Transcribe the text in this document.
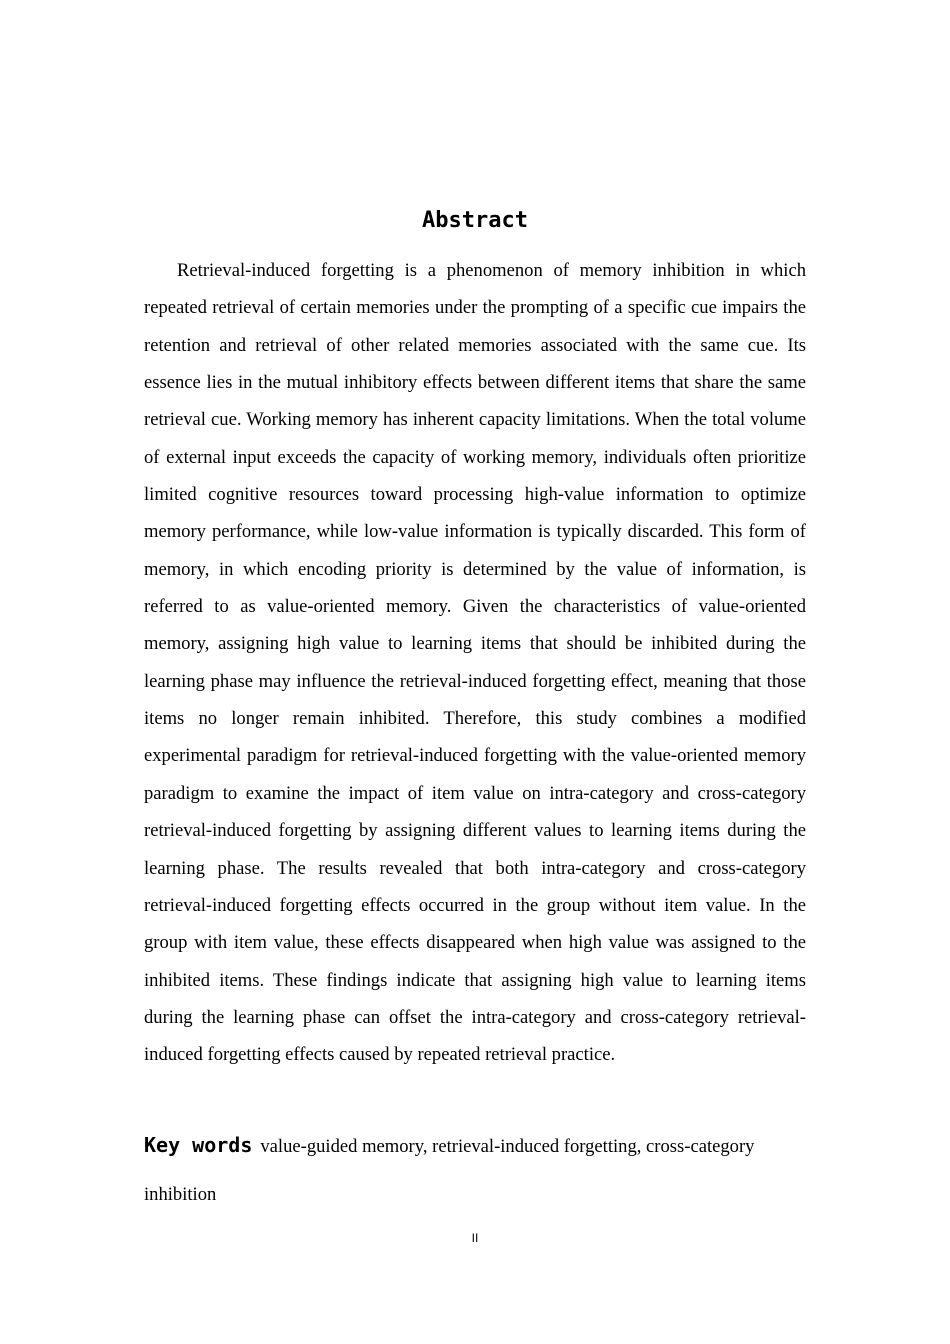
Abstract

Retrieval-induced forgetting is a phenomenon of memory inhibition in which repeated retrieval of certain memories under the prompting of a specific cue impairs the retention and retrieval of other related memories associated with the same cue. Its essence lies in the mutual inhibitory effects between different items that share the same retrieval cue. Working memory has inherent capacity limitations. When the total volume of external input exceeds the capacity of working memory, individuals often prioritize limited cognitive resources toward processing high-value information to optimize memory performance, while low-value information is typically discarded. This form of memory, in which encoding priority is determined by the value of information, is referred to as value-oriented memory. Given the characteristics of value-oriented memory, assigning high value to learning items that should be inhibited during the learning phase may influence the retrieval-induced forgetting effect, meaning that those items no longer remain inhibited. Therefore, this study combines a modified experimental paradigm for retrieval-induced forgetting with the value-oriented memory paradigm to examine the impact of item value on intra-category and cross-category retrieval-induced forgetting by assigning different values to learning items during the learning phase. The results revealed that both intra-category and cross-category retrieval-induced forgetting effects occurred in the group without item value. In the group with item value, these effects disappeared when high value was assigned to the inhibited items. These findings indicate that assigning high value to learning items during the learning phase can offset the intra-category and cross-category retrieval-induced forgetting effects caused by repeated retrieval practice.

Key words value-guided memory, retrieval-induced forgetting, cross-category inhibition

II
